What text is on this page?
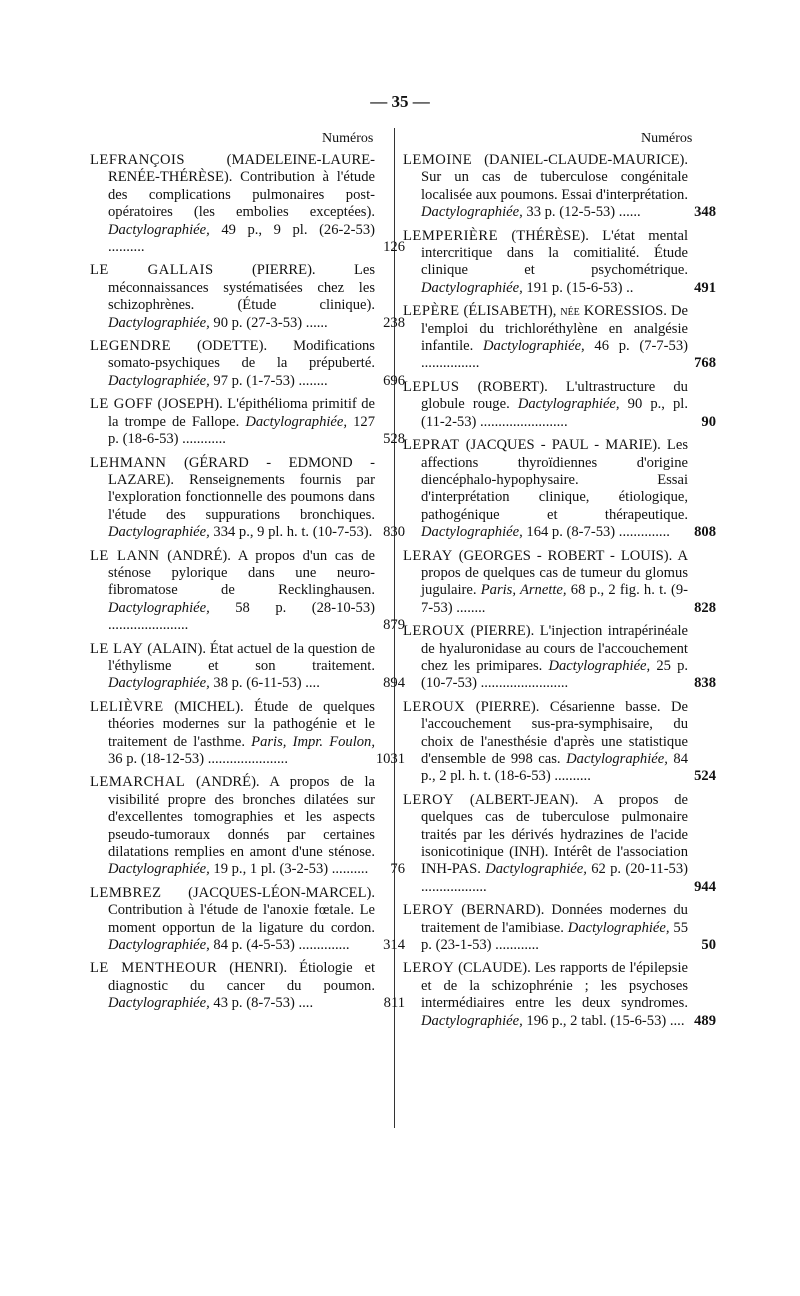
— 35 —
Numéros
LEFRANÇOIS	(MADELEINE-LAURE-RENÉE-THÉRÈSE). Contribution à l'étude des complications pulmonaires post-opératoires (les embolies exceptées). Dactylographiée, 49 p., 9 pl. (26-2-53) ..........	126
LE GALLAIS	(PIERRE).	Les méconnaissances systématisées chez les schizophrènes. (Étude clinique). Dactylographiée, 90 p. (27-3-53) ......	238
LEGENDRE (ODETTE). Modifications somato-psychiques de la prépuberté. Dactylographiée, 97 p. (1-7-53) ........	696
LE GOFF (JOSEPH). L'épithélioma primitif de la trompe de Fallope. Dactylographiée, 127 p. (18-6-53) ............	528
LEHMANN (GÉRARD - EDMOND - LAZARE). Renseignements fournis par l'exploration fonctionnelle des poumons dans l'étude des suppurations bronchiques. Dactylographiée, 334 p., 9 pl. h. t. (10-7-53). 830
LE LANN (ANDRÉ). A propos d'un cas de sténose pylorique dans une neuro-fibromatose de Recklinghausen. Dactylographiée, 58 p. (28-10-53) ......................	879
LE LAY (ALAIN). État actuel de la question de l'éthylisme et son traitement. Dactylographiée, 38 p. (6-11-53) ....	894
LELIÈVRE (MICHEL). Étude de quelques théories modernes sur la pathogénie et le traitement de l'asthme. Paris, Impr. Foulon, 36 p. (18-12-53) ......................	1031
LEMARCHAL (ANDRÉ). A propos de la visibilité propre des bronches dilatées sur d'excellentes tomographies et les aspects pseudo-tumoraux donnés par certaines dilatations remplies en amont d'une sténose. Dactylographiée, 19 p., 1 pl. (3-2-53) .......... 76
LEMBREZ (JACQUES-LÉON-MARCEL). Contribution à l'étude de l'anoxie fœtale. Le moment opportun de la ligature du cordon. Dactylographiée, 84 p. (4-5-53) .............. 314
LE MENTHEOUR (HENRI). Étiologie et diagnostic du cancer du poumon. Dactylographiée, 43 p. (8-7-53) ....	811
Numéros
LEMOINE (DANIEL-CLAUDE-MAURICE). Sur un cas de tuberculose congénitale localisée aux poumons. Essai d'interprétation. Dactylographiée, 33 p. (12-5-53) ......	348
LEMPERIÈRE (THÉRÈSE). L'état mental intercritique dans la comitialité. Étude clinique et psychométrique. Dactylographiée, 191 p. (15-6-53) ..	491
LEPÈRE (ÉLISABETH), née KORESSIOS. De l'emploi du trichloréthylène en analgésie infantile. Dactylographiée, 46 p. (7-7-53) ................	768
LEPLUS (ROBERT). L'ultrastructure du globule rouge. Dactylographiée, 90 p., pl. (11-2-53) ........................	90
LEPRAT (JACQUES - PAUL - MARIE). Les affections thyroïdiennes d'origine diencéphalo-hypophysaire. Essai d'interprétation clinique, étiologique, pathogénique et thérapeutique. Dactylographiée, 164 p. (8-7-53) .............. 808
LERAY (GEORGES - ROBERT - LOUIS). A propos de quelques cas de tumeur du glomus jugulaire. Paris, Arnette, 68 p., 2 fig. h. t. (9-7-53) ........	828
LEROUX (PIERRE). L'injection intrapérinéale de hyaluronidase au cours de l'accouchement chez les primipares. Dactylographiée, 25 p. (10-7-53) ........................	838
LEROUX (PIERRE). Césarienne basse. De l'accouchement sus-pra-symphisaire, du choix de l'anesthésie d'après une statistique d'ensemble de 998 cas. Dactylographiée, 84 p., 2 pl. h. t. (18-6-53) ..........	524
LEROY (ALBERT-JEAN). A propos de quelques cas de tuberculose pulmonaire traités par les dérivés hydrazines de l'acide isonicotinique (INH). Intérêt de l'association INH-PAS. Dactylographiée, 62 p. (20-11-53) ..................	944
LEROY (BERNARD). Données modernes du traitement de l'amibiase. Dactylographiée, 55 p. (23-1-53) ............	50
LEROY (CLAUDE). Les rapports de l'épilepsie et de la schizophrénie ; les psychoses intermédiaires entre les deux syndromes. Dactylographiée, 196 p., 2 tabl. (15-6-53) .... 489
